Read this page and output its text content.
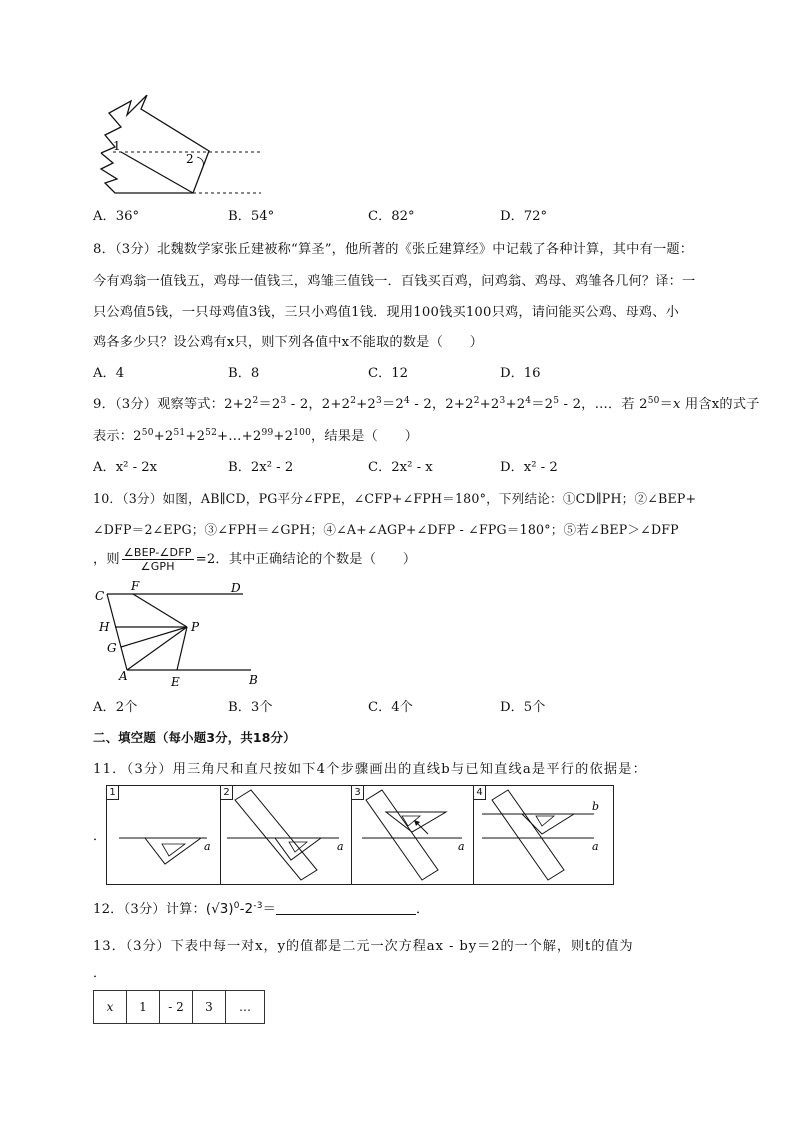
1
2
A．36°	B．54°	C．82°	D．72°
8．（3分）北魏数学家张丘建被称“算圣”，他所著的《张丘建算经》中记载了各种计算，其中有一题：
今有鸡翁一值钱五，鸡母一值钱三，鸡雏三值钱一．百钱买百鸡，问鸡翁、鸡母、鸡雏各几何？译：一
只公鸡值5钱，一只母鸡值3钱，三只小鸡值1钱．现用100钱买100只鸡，请问能买公鸡、母鸡、小
鸡各多少只？设公鸡有x只，则下列各值中x不能取的数是（　　）
A．4	B．8	C．12	D．16
9．（3分）观察等式：$2+2^2=2^3 - 2$，$2+2^2+2^3=2^4 - 2$，$2+2^2+2^3+2^4=2^5 - 2$，…．若 $2^{50}=x$ 用含x的式子
表示：$2^{50}+2^{51}+2^{52}+\dots+2^{99}+2^{100}$，结果是（　　）
A．x² - 2x	B．2x² - 2	C．2x² - x	D．x² - 2
10．（3分）如图，AB∥CD，PG平分∠FPE，∠CFP+∠FPH＝180°，下列结论：①CD∥PH；②∠BEP+
∠DFP＝2∠EPG；③∠FPH＝∠GPH；④∠A+∠AGP+∠DFP - ∠FPG＝180°；⑤若∠BEP＞∠DFP
，则 $\frac{\text{∠BEP-∠DFP}}{\text{∠GPH}} =2$．其中正确结论的个数是（　　）
C
F	D
H	P
G
A	E	B
A．2个	B．3个	C．4个	D．5个
二、填空题（每小题3分，共18分）
11．（3分）用三角尺和直尺按如下4个步骤画出的直线b与已知直线a是平行的依据是：
．
1
a
2
a
3
a
4
b
a
12．（3分）计算：$(√3)^0-2^{-3}=$	．
13．（3分）下表中每一对x，y的值都是二元一次方程ax - by＝2的一个解，则t的值为
．
x	1	- 2	3	…
